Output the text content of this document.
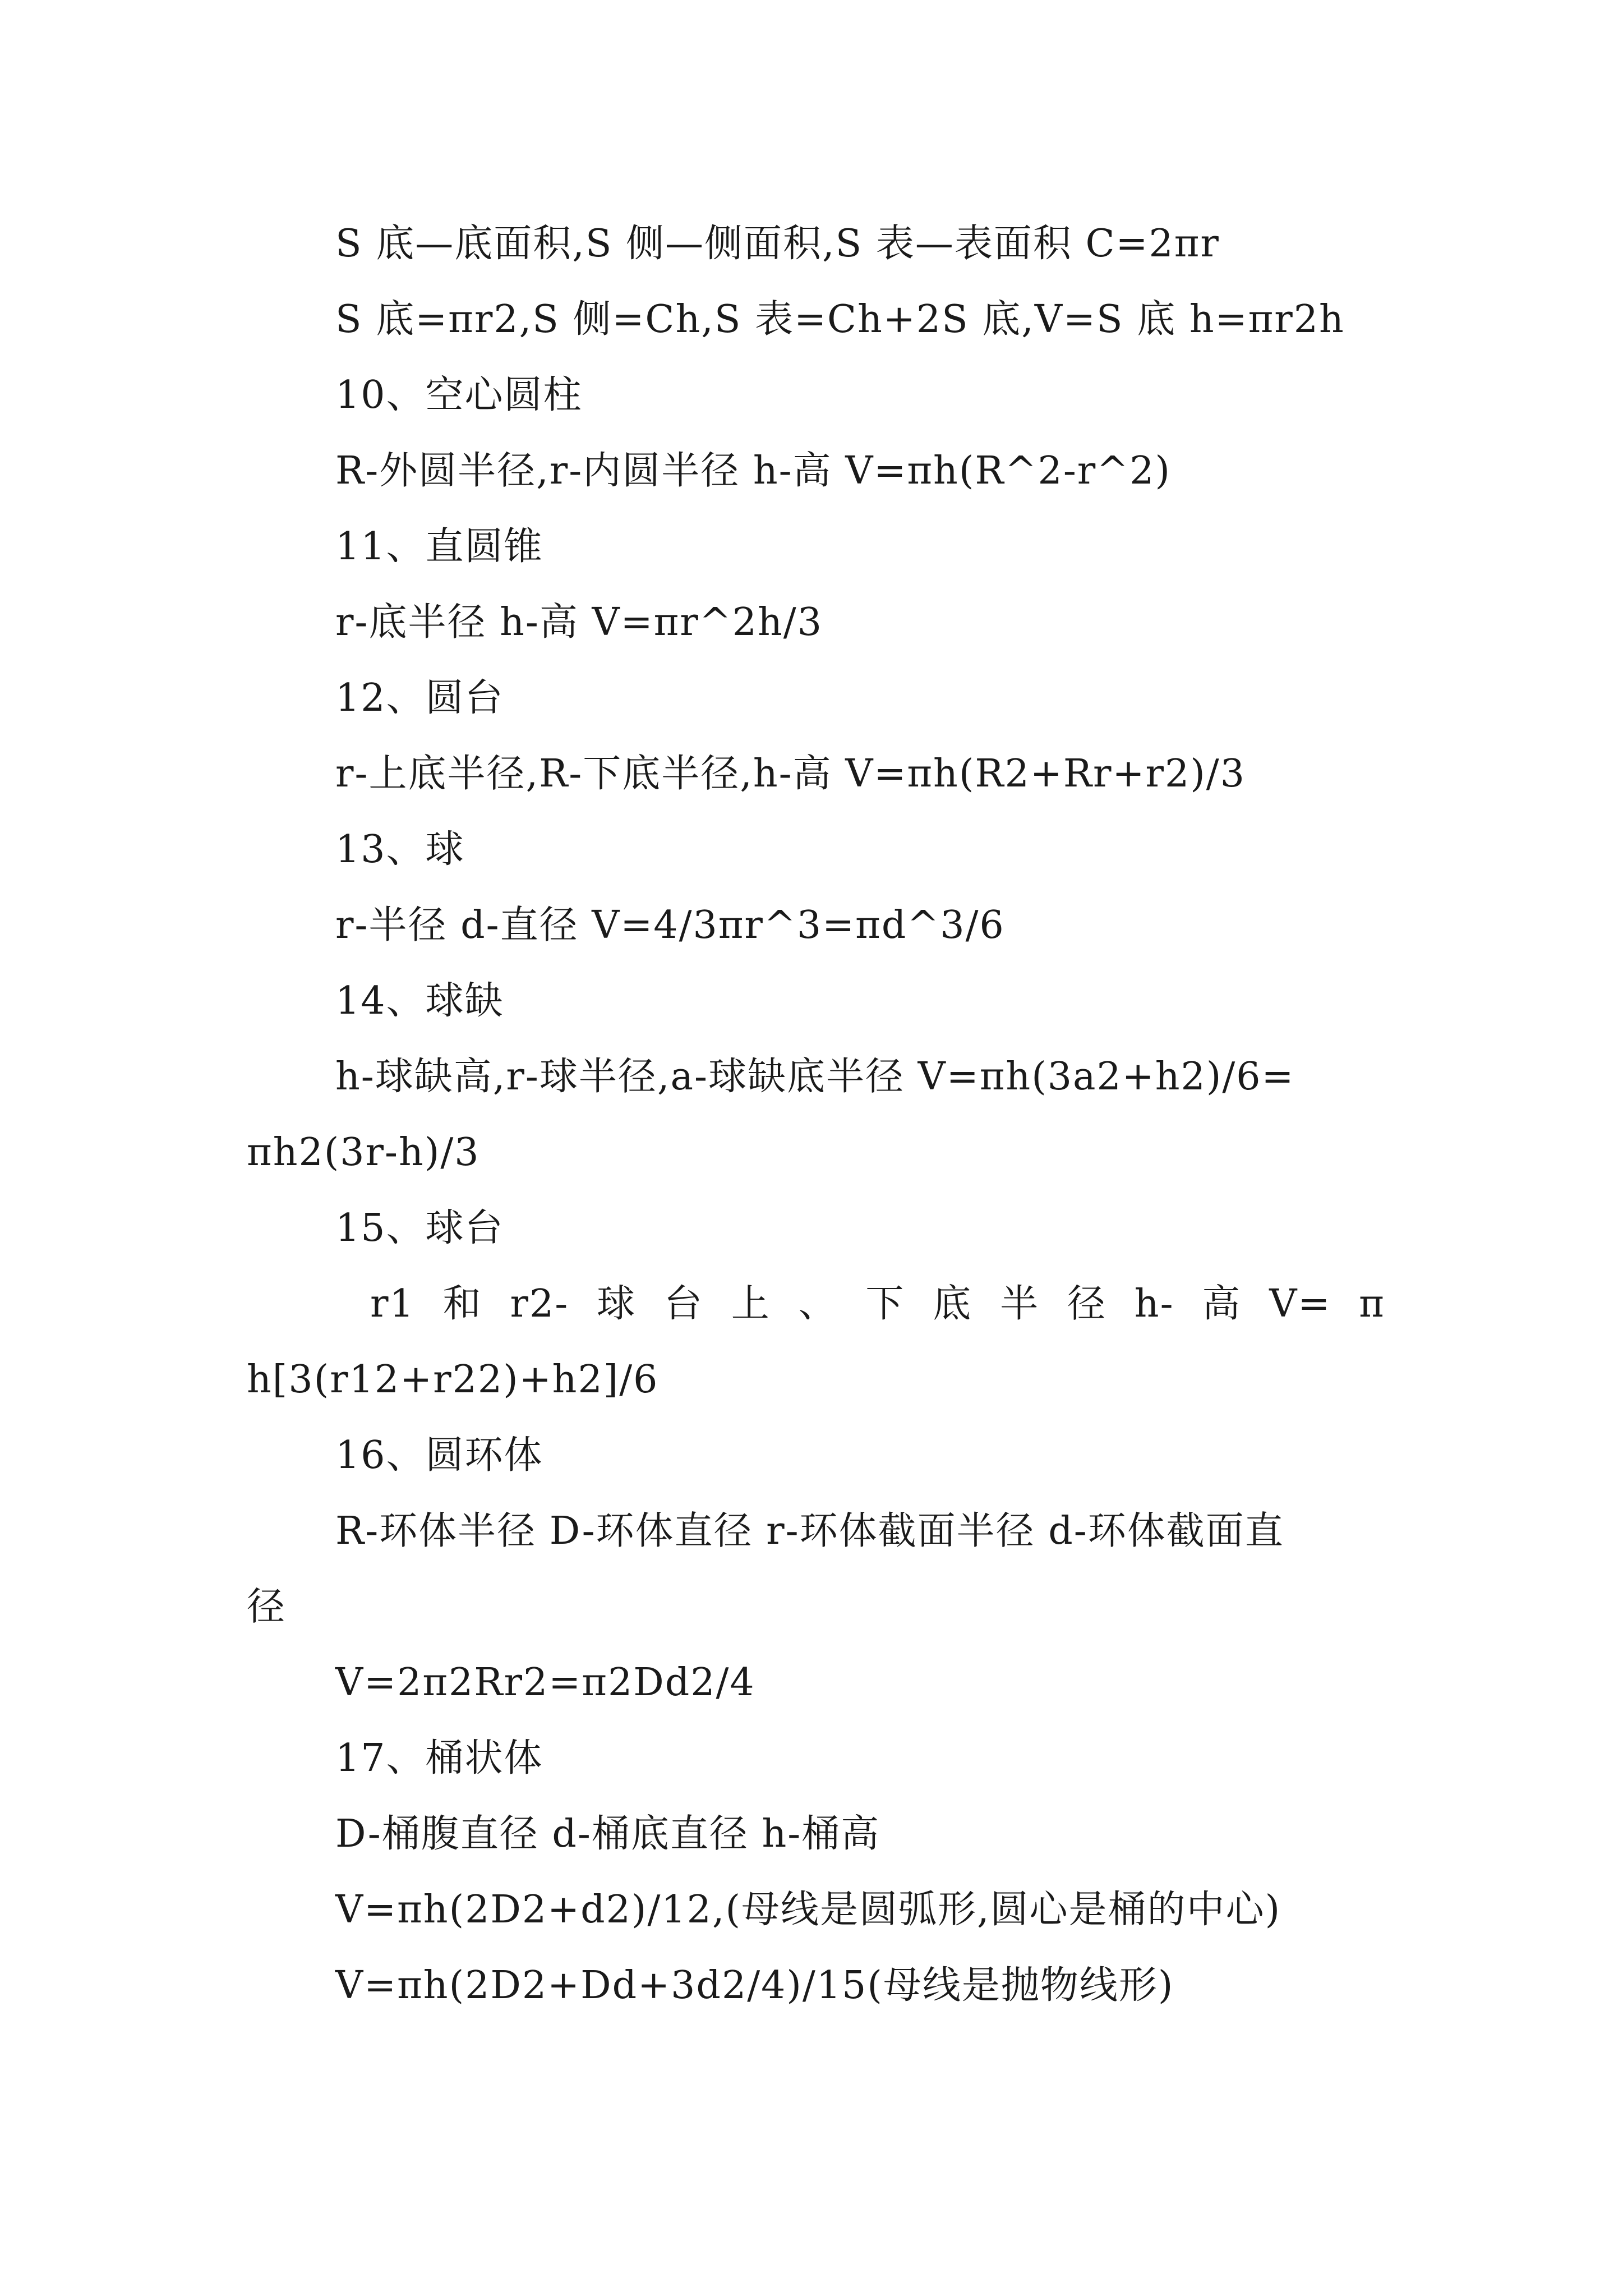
S 底—底面积,S 侧—侧面积,S 表—表面积 C=2πr
S 底=πr2,S 侧=Ch,S 表=Ch+2S 底,V=S 底 h=πr2h
10、空心圆柱
R-外圆半径,r-内圆半径 h-高 V=πh(R^2-r^2)
11、直圆锥
r-底半径 h-高 V=πr^2h/3
12、圆台
r-上底半径,R-下底半径,h-高 V=πh(R2+Rr+r2)/3
13、球
r-半径 d-直径 V=4/3πr^3=πd^3/6
14、球缺
h-球缺高,r-球半径,a-球缺底半径 V=πh(3a2+h2)/6=
πh2(3r-h)/3
15、球台
r1 和 r2- 球 台 上 、 下 底 半 径 h- 高 V= π
h[3(r12+r22)+h2]/6
16、圆环体
R-环体半径 D-环体直径 r-环体截面半径 d-环体截面直
径
V=2π2Rr2=π2Dd2/4
17、桶状体
D-桶腹直径 d-桶底直径 h-桶高
V=πh(2D2+d2)/12,(母线是圆弧形,圆心是桶的中心)
V=πh(2D2+Dd+3d2/4)/15(母线是抛物线形)
